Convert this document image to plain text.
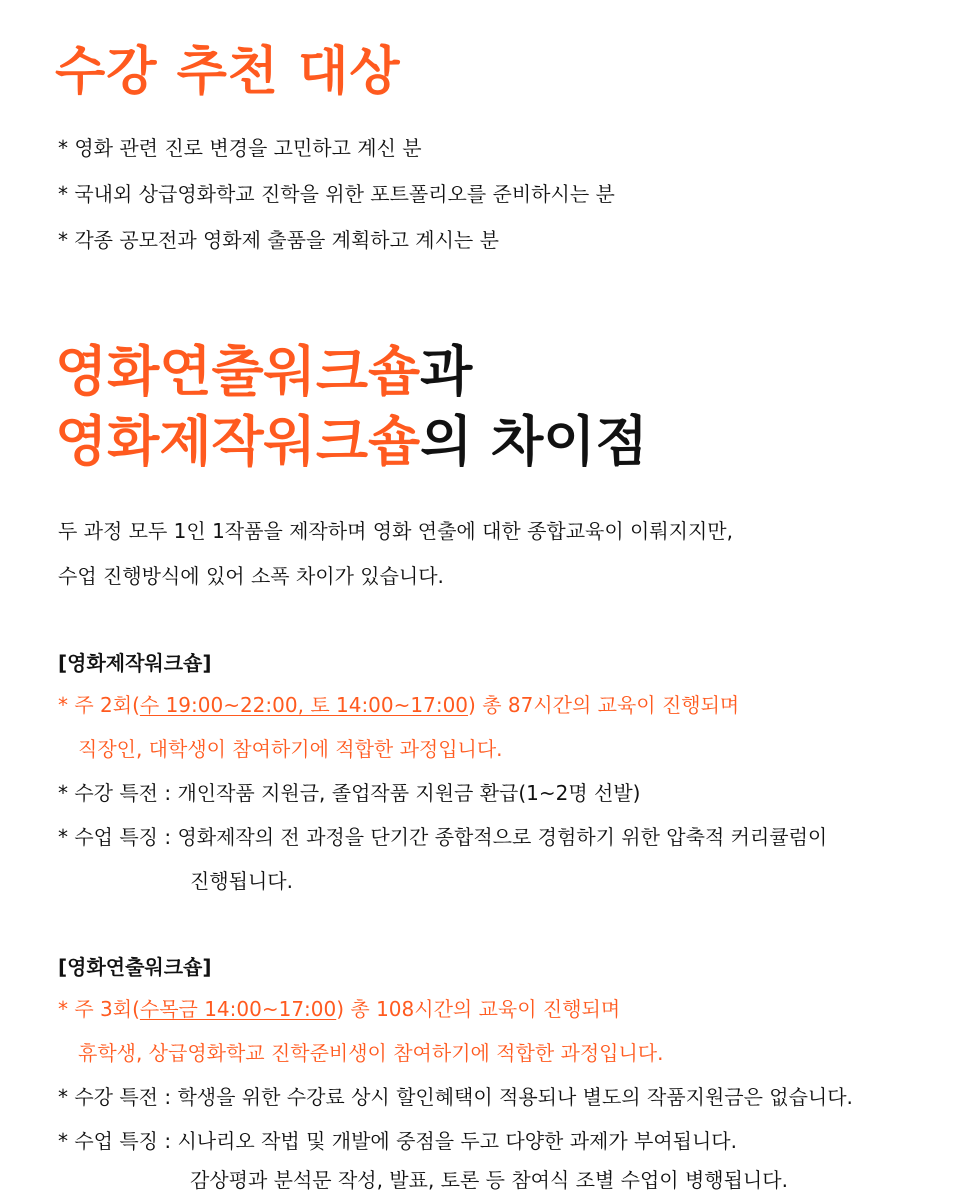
수강 추천 대상

* 영화 관련 진로 변경을 고민하고 계신 분

* 국내외 상급영화학교 진학을 위한 포트폴리오를 준비하시는 분

* 각종 공모전과 영화제 출품을 계획하고 계시는 분

영화연출워크숍과
영화제작워크숍의 차이점

두 과정 모두 1인 1작품을 제작하며 영화 연출에 대한 종합교육이 이뤄지지만,

수업 진행방식에 있어 소폭 차이가 있습니다.

[영화제작워크숍]

* 주 2회(수 19:00~22:00, 토 14:00~17:00) 총 87시간의 교육이 진행되며

직장인, 대학생이 참여하기에 적합한 과정입니다.

* 수강 특전 : 개인작품 지원금, 졸업작품 지원금 환급(1~2명 선발)

* 수업 특징 : 영화제작의 전 과정을 단기간 종합적으로 경험하기 위한 압축적 커리큘럼이

진행됩니다.

[영화연출워크숍]

* 주 3회(수목금 14:00~17:00) 총 108시간의 교육이 진행되며

휴학생, 상급영화학교 진학준비생이 참여하기에 적합한 과정입니다.

* 수강 특전 : 학생을 위한 수강료 상시 할인혜택이 적용되나 별도의 작품지원금은 없습니다.

* 수업 특징 : 시나리오 작법 및 개발에 중점을 두고 다양한 과제가 부여됩니다.

감상평과 분석문 작성, 발표, 토론 등 참여식 조별 수업이 병행됩니다.
